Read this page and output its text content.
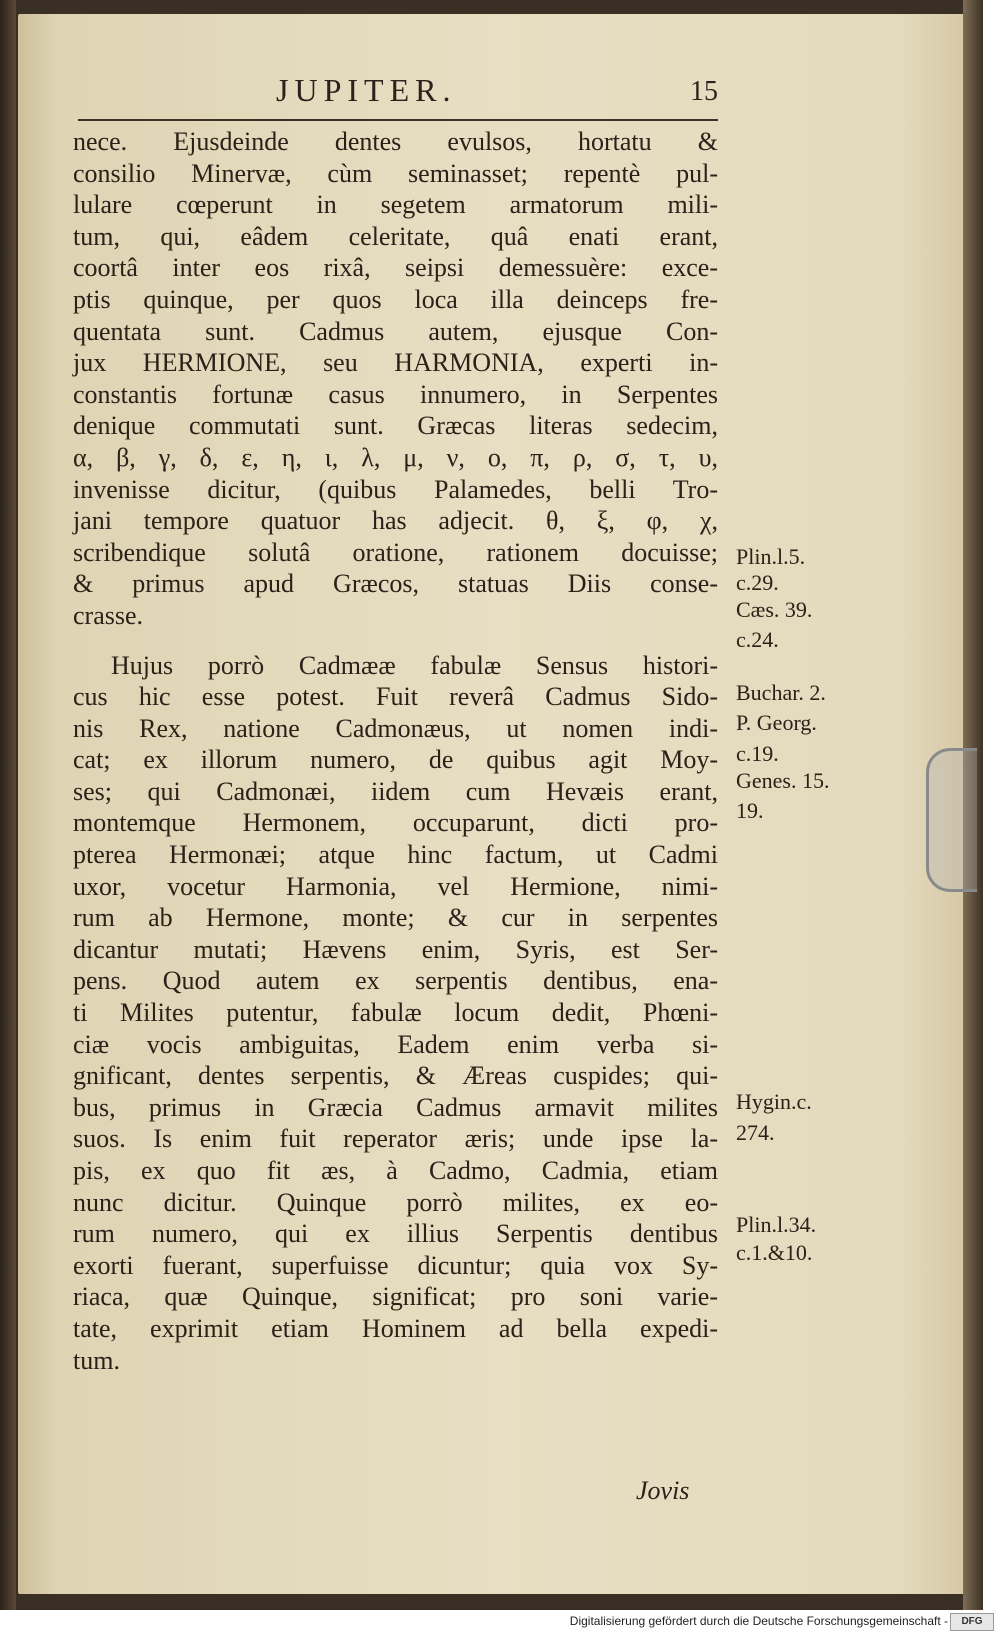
JUPITER.	15
nece. Ejusdeinde dentes evulsos, hortatu &
consilio Minervæ, cùm seminasset; repentè pul-
lulare cœperunt in segetem armatorum mili-
tum, qui, eâdem celeritate, quâ enati erant,
coortâ inter eos rixâ, seipsi demessuère: exce-
ptis quinque, per quos loca illa deinceps fre-
quentata sunt. Cadmus autem, ejusque Con-
jux HERMIONE, seu HARMONIA, experti in-
constantis fortunæ casus innumero, in Serpentes
denique commutati sunt. Græcas literas sedecim,
α, β, γ, δ, ε, η, ι, λ, μ, ν, ο, π, ρ, σ, τ, υ,
invenisse dicitur, (quibus Palamedes, belli Tro-
jani tempore quatuor has adjecit. θ, ξ, φ, χ,
scribendique solutâ oratione, rationem docuisse;
& primus apud Græcos, statuas Diis conse-
crasse.
Hujus porrò Cadmææ fabulæ Sensus histori-
cus hic esse potest. Fuit reverâ Cadmus Sido-
nis Rex, natione Cadmonæus, ut nomen indi-
cat; ex illorum numero, de quibus agit Moy-
ses; qui Cadmonæi, iidem cum Hevæis erant,
montemque Hermonem, occuparunt, dicti pro-
pterea Hermonæi; atque hinc factum, ut Cadmi
uxor, vocetur Harmonia, vel Hermione, nimi-
rum ab Hermone, monte; & cur in serpentes
dicantur mutati; Hævens enim, Syris, est Ser-
pens. Quod autem ex serpentis dentibus, ena-
ti Milites putentur, fabulæ locum dedit, Phœni-
ciæ vocis ambiguitas, Eadem enim verba si-
gnificant, dentes serpentis, & Æreas cuspides; qui-
bus, primus in Græcia Cadmus armavit milites
suos. Is enim fuit reperator æris; unde ipse la-
pis, ex quo fit æs, à Cadmo, Cadmia, etiam
nunc dicitur. Quinque porrò milites, ex eo-
rum numero, qui ex illius Serpentis dentibus
exorti fuerant, superfuisse dicuntur; quia vox Sy-
riaca, quæ Quinque, significat; pro soni varie-
tate, exprimit etiam Hominem ad bella expedi-
tum.
Jovis
Plin.l.5.
c.29.
Cæs. 39.
c.24.
Buchar. 2.
P. Georg.
c.19.
Genes. 15.
19.
Hygin.c.
274.
Plin.l.34.
c.1.&10.
Digitalisierung gefördert durch die Deutsche Forschungsgemeinschaft -	DFG
